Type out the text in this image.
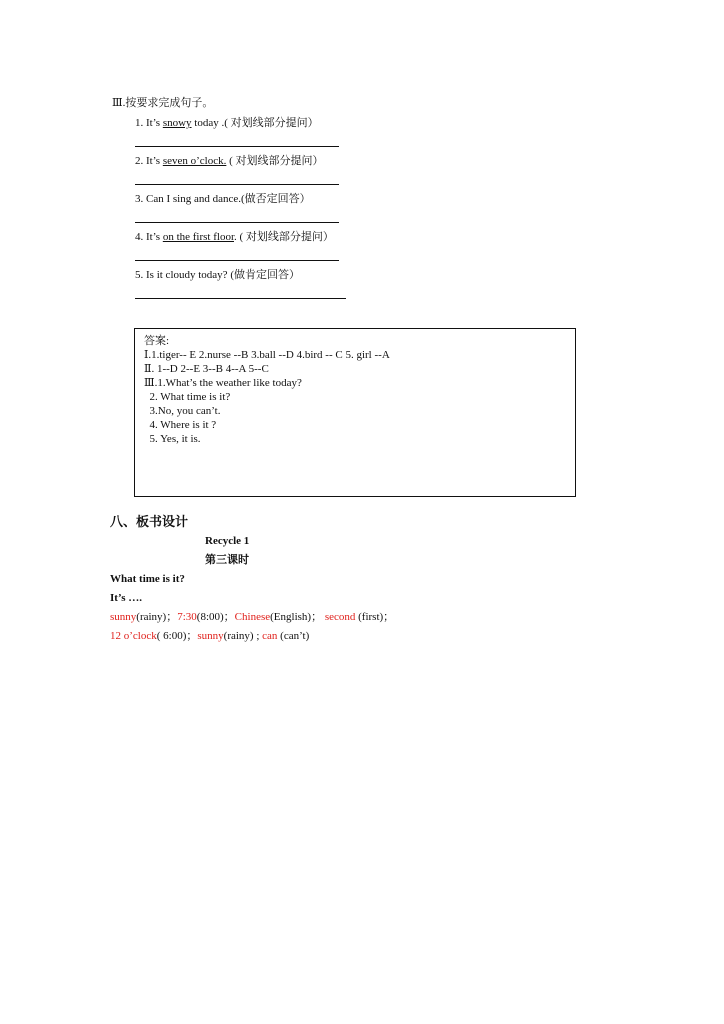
Ⅲ.按要求完成句子。
1. It’s snowy today .( 对划线部分提问）
2. It’s seven o’clock. ( 对划线部分提问）
3. Can I sing and dance.(做否定回答）
4. It’s on the first floor. ( 对划线部分提问）
5. Is it cloudy today? (做肯定回答）
答案:
Ⅰ.1.tiger-- E 2.nurse --B 3.ball --D 4.bird -- C 5. girl --A
Ⅱ. 1--D 2--E 3--B 4--A 5--C
Ⅲ.1.What’s the weather like today?
2. What time is it?
3.No, you can’t.
4. Where is it ?
5. Yes, it is.
八、板书设计
Recycle 1
第三课时
What time is it?
It’s ….
sunny(rainy)；7:30(8:00)；Chinese(English)； second (first)；
12 o’clock( 6:00)；sunny(rainy) ; can (can’t)
